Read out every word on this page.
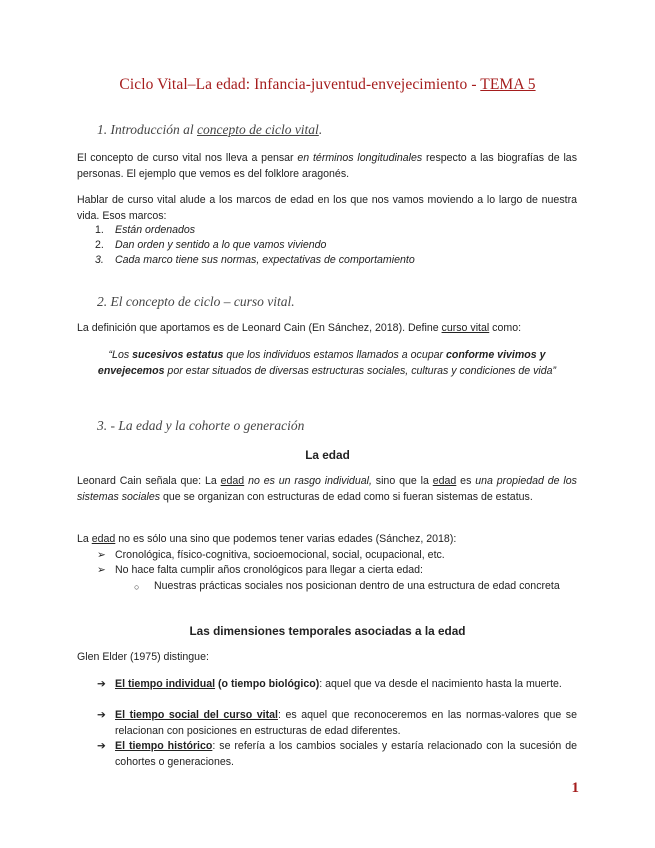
Ciclo Vital–La edad: Infancia-juventud-envejecimiento - TEMA 5
1. Introducción al concepto de ciclo vital.
El concepto de curso vital nos lleva a pensar en términos longitudinales respecto a las biografías de las personas. El ejemplo que vemos es del folklore aragonés.
Hablar de curso vital alude a los marcos de edad en los que nos vamos moviendo a lo largo de nuestra vida. Esos marcos:
1. Están ordenados
2. Dan orden y sentido a lo que vamos viviendo
3. Cada marco tiene sus normas, expectativas de comportamiento
2. El concepto de ciclo – curso vital.
La definición que aportamos es de Leonard Cain (En Sánchez, 2018). Define curso vital como:
“Los sucesivos estatus que los individuos estamos llamados a ocupar conforme vivimos y envejecemos por estar situados de diversas estructuras sociales, culturas y condiciones de vida”
3. - La edad y la cohorte o generación
La edad
Leonard Cain señala que: La edad no es un rasgo individual, sino que la edad es una propiedad de los sistemas sociales que se organizan con estructuras de edad como si fueran sistemas de estatus.
La edad no es sólo una sino que podemos tener varias edades (Sánchez, 2018):
➢ Cronológica, físico-cognitiva, socioemocional, social, ocupacional, etc.
➢ No hace falta cumplir años cronológicos para llegar a cierta edad:
○ Nuestras prácticas sociales nos posicionan dentro de una estructura de edad concreta
Las dimensiones temporales asociadas a la edad
Glen Elder (1975) distingue:
➔ El tiempo individual (o tiempo biológico): aquel que va desde el nacimiento hasta la muerte.
➔ El tiempo social del curso vital: es aquel que reconoceremos en las normas-valores que se relacionan con posiciones en estructuras de edad diferentes.
➔ El tiempo histórico: se refería a los cambios sociales y estaría relacionado con la sucesión de cohortes o generaciones.
1
